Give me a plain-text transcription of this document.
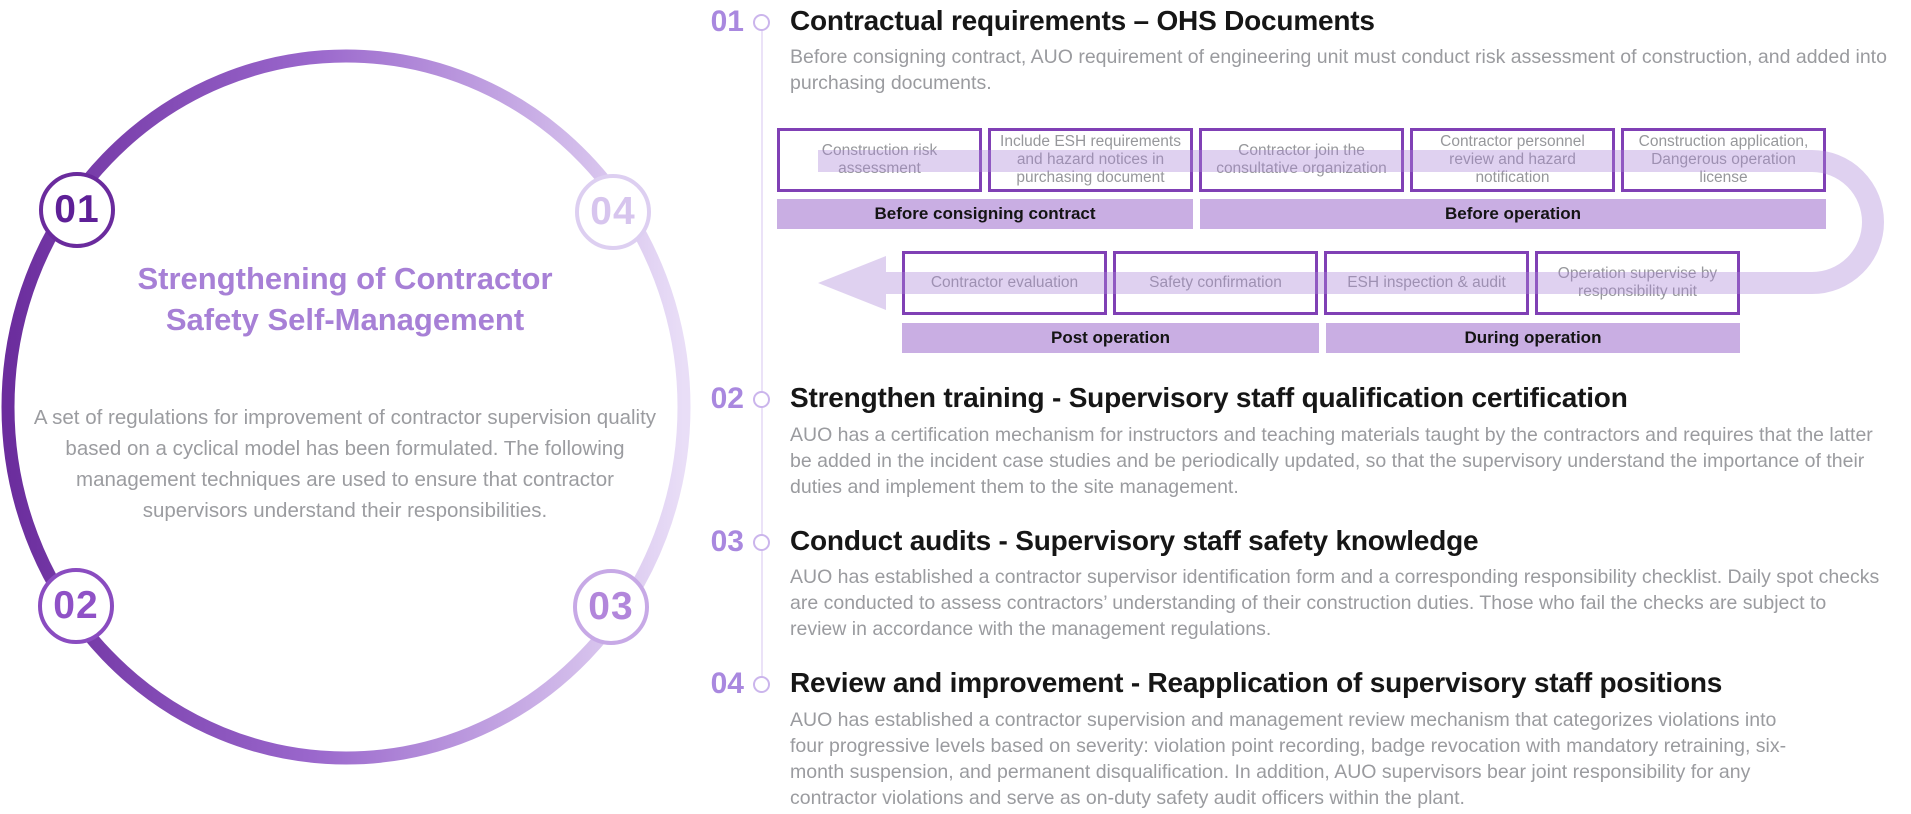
01
02	03
04
Strengthening of Contractor
Safety Self-Management
A set of regulations for improvement of contractor supervision quality based on a cyclical model has been formulated. The following management techniques are used to ensure that contractor supervisors understand their responsibilities.
01 Contractual requirements – OHS Documents
Before consigning contract, AUO requirement of engineering unit must conduct risk assessment of construction, and added into purchasing documents.
02 Strengthen training - Supervisory staff qualification certification
AUO has a certification mechanism for instructors and teaching materials taught by the contractors and requires that the latter be added in the incident case studies and be periodically updated, so that the supervisory understand the importance of their duties and implement them to the site management.
03 Conduct audits - Supervisory staff safety knowledge
AUO has established a contractor supervisor identification form and a corresponding responsibility checklist. Daily spot checks are conducted to assess contractors’ understanding of their construction duties. Those who fail the checks are subject to review in accordance with the management regulations.
04 Review and improvement - Reapplication of supervisory staff positions
AUO has established a contractor supervision and management review mechanism that categorizes violations into four progressive levels based on severity: violation point recording, badge revocation with mandatory retraining, six-month suspension, and permanent disqualification. In addition, AUO supervisors bear joint responsibility for any contractor violations and serve as on-duty safety audit officers within the plant.
Construction risk assessment
Include ESH requirements and hazard notices in purchasing document
Contractor join the consultative organization
Contractor personnel review and hazard notification
Construction application, Dangerous operation license
Before consigning contract	Before operation
Contractor evaluation	Safety confirmation	ESH inspection & audit
Operation supervise by responsibility unit
Post operation	During operation
